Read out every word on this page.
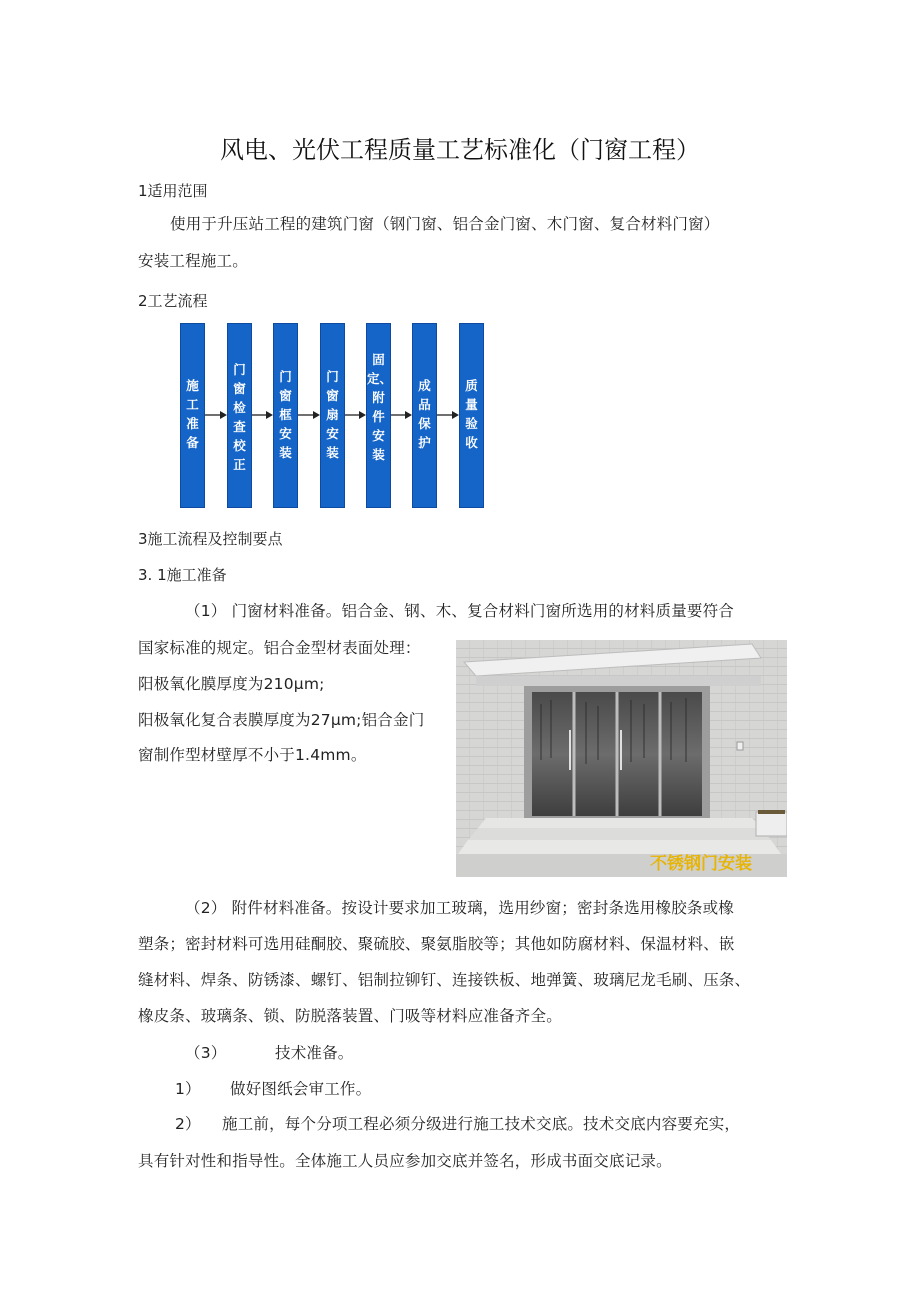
风电、光伏工程质量工艺标准化（门窗工程）
1适用范围
使用于升压站工程的建筑门窗（钢门窗、铝合金门窗、木门窗、复合材料门窗）
安装工程施工。
2工艺流程
施工准备
门窗检查校正
门窗框安装
门窗扇安装
固定、附件安装
成品保护
质量验收
3施工流程及控制要点
3. 1施工准备
（1） 门窗材料准备。铝合金、钢、木、复合材料门窗所选用的材料质量要符合
国家标准的规定。铝合金型材表面处理：
阳极氧化膜厚度为210μm;
阳极氧化复合表膜厚度为27μm;铝合金门
窗制作型材壁厚不小于1.4mm。
不锈钢门安装
（2） 附件材料准备。按设计要求加工玻璃，选用纱窗；密封条选用橡胶条或橡
塑条；密封材料可选用硅酮胶、聚硫胶、聚氨脂胶等；其他如防腐材料、保温材料、嵌
缝材料、焊条、防锈漆、螺钉、铝制拉铆钉、连接铁板、地弹簧、玻璃尼龙毛刷、压条、
橡皮条、玻璃条、锁、防脱落装置、门吸等材料应准备齐全。
（3）	技术准备。
1） 做好图纸会审工作。
2） 施工前，每个分项工程必须分级进行施工技术交底。技术交底内容要充实，
具有针对性和指导性。全体施工人员应参加交底并签名，形成书面交底记录。
